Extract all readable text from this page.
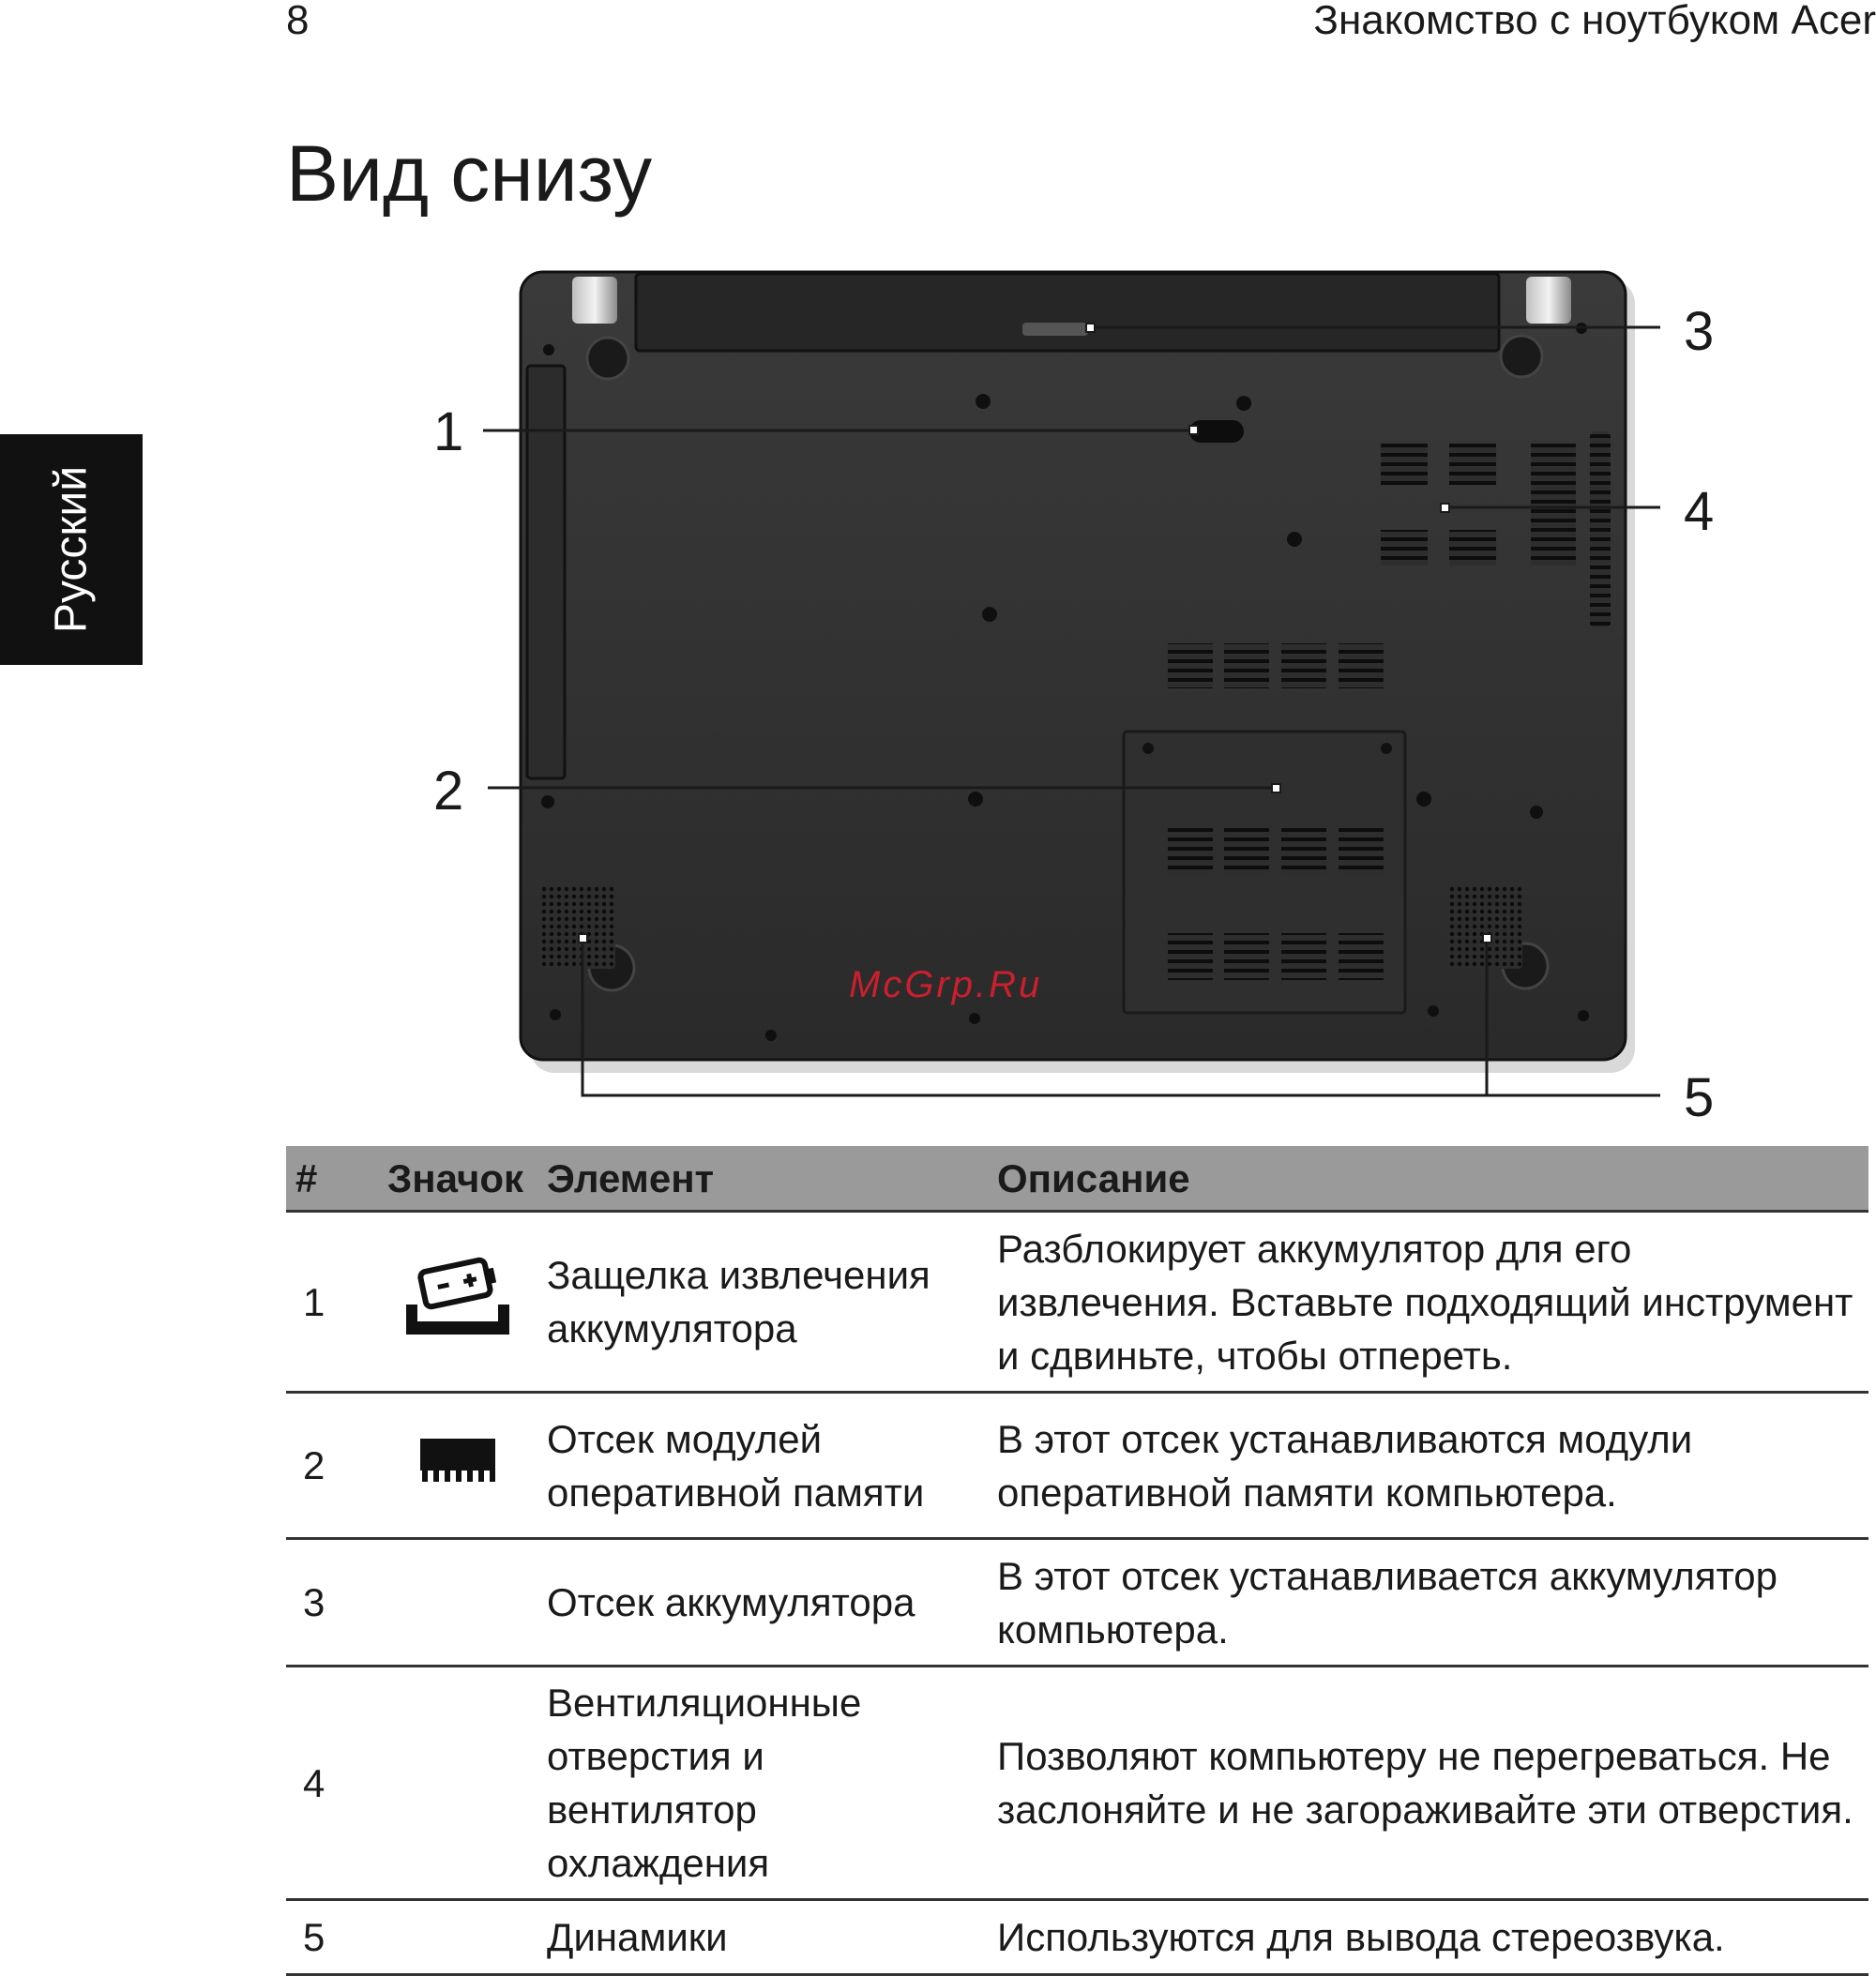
8	Знакомство с ноутбуком Acer
Русский
Вид снизу
1
2
3
4
5
McGrp.Ru
#	Значок	Элемент	Описание
1		Защелка извлечения аккумулятора	Разблокирует аккумулятор для его извлечения. Вставьте подходящий инструмент и сдвиньте, чтобы отпереть.
2		Отсек модулей оперативной памяти	В этот отсек устанавливаются модули оперативной памяти компьютера.
3		Отсек аккумулятора	В этот отсек устанавливается аккумулятор компьютера.
4		Вентиляционные отверстия и вентилятор охлаждения	Позволяют компьютеру не перегреваться. Не заслоняйте и не загораживайте эти отверстия.
5		Динамики	Используются для вывода стереозвука.
